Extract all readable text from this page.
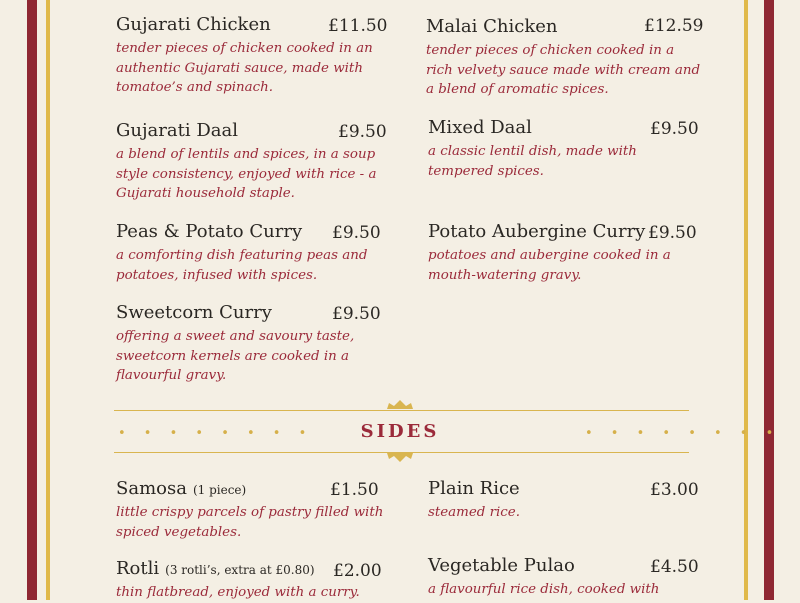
Gujarati Chicken	£11.50
tender pieces of chicken cooked in an authentic Gujarati sauce, made with tomatoe’s and spinach.
Malai Chicken	£12.59
tender pieces of chicken cooked in a rich velvety sauce made with cream and a blend of aromatic spices.
Gujarati Daal	£9.50
a blend of lentils and spices, in a soup style consistency, enjoyed with rice - a Gujarati household staple.
Mixed Daal	£9.50
a classic lentil dish, made with tempered spices.
Peas & Potato Curry	£9.50
a comforting dish featuring peas and potatoes, infused with spices.
Potato Aubergine Curry £9.50
potatoes and aubergine cooked in a mouth-watering gravy.
Sweetcorn Curry	£9.50
offering a sweet and savoury taste, sweetcorn kernels are cooked in a flavourful gravy.
• • • • • • • •	SIDES	• • • • • • • •
Samosa (1 piece)	£1.50
little crispy parcels of pastry filled with spiced vegetables.
Plain Rice	£3.00
steamed rice.
Rotli (3 rotli’s, extra at £0.80) £2.00
thin flatbread, enjoyed with a curry.
Vegetable Pulao	£4.50
a flavourful rice dish, cooked with
